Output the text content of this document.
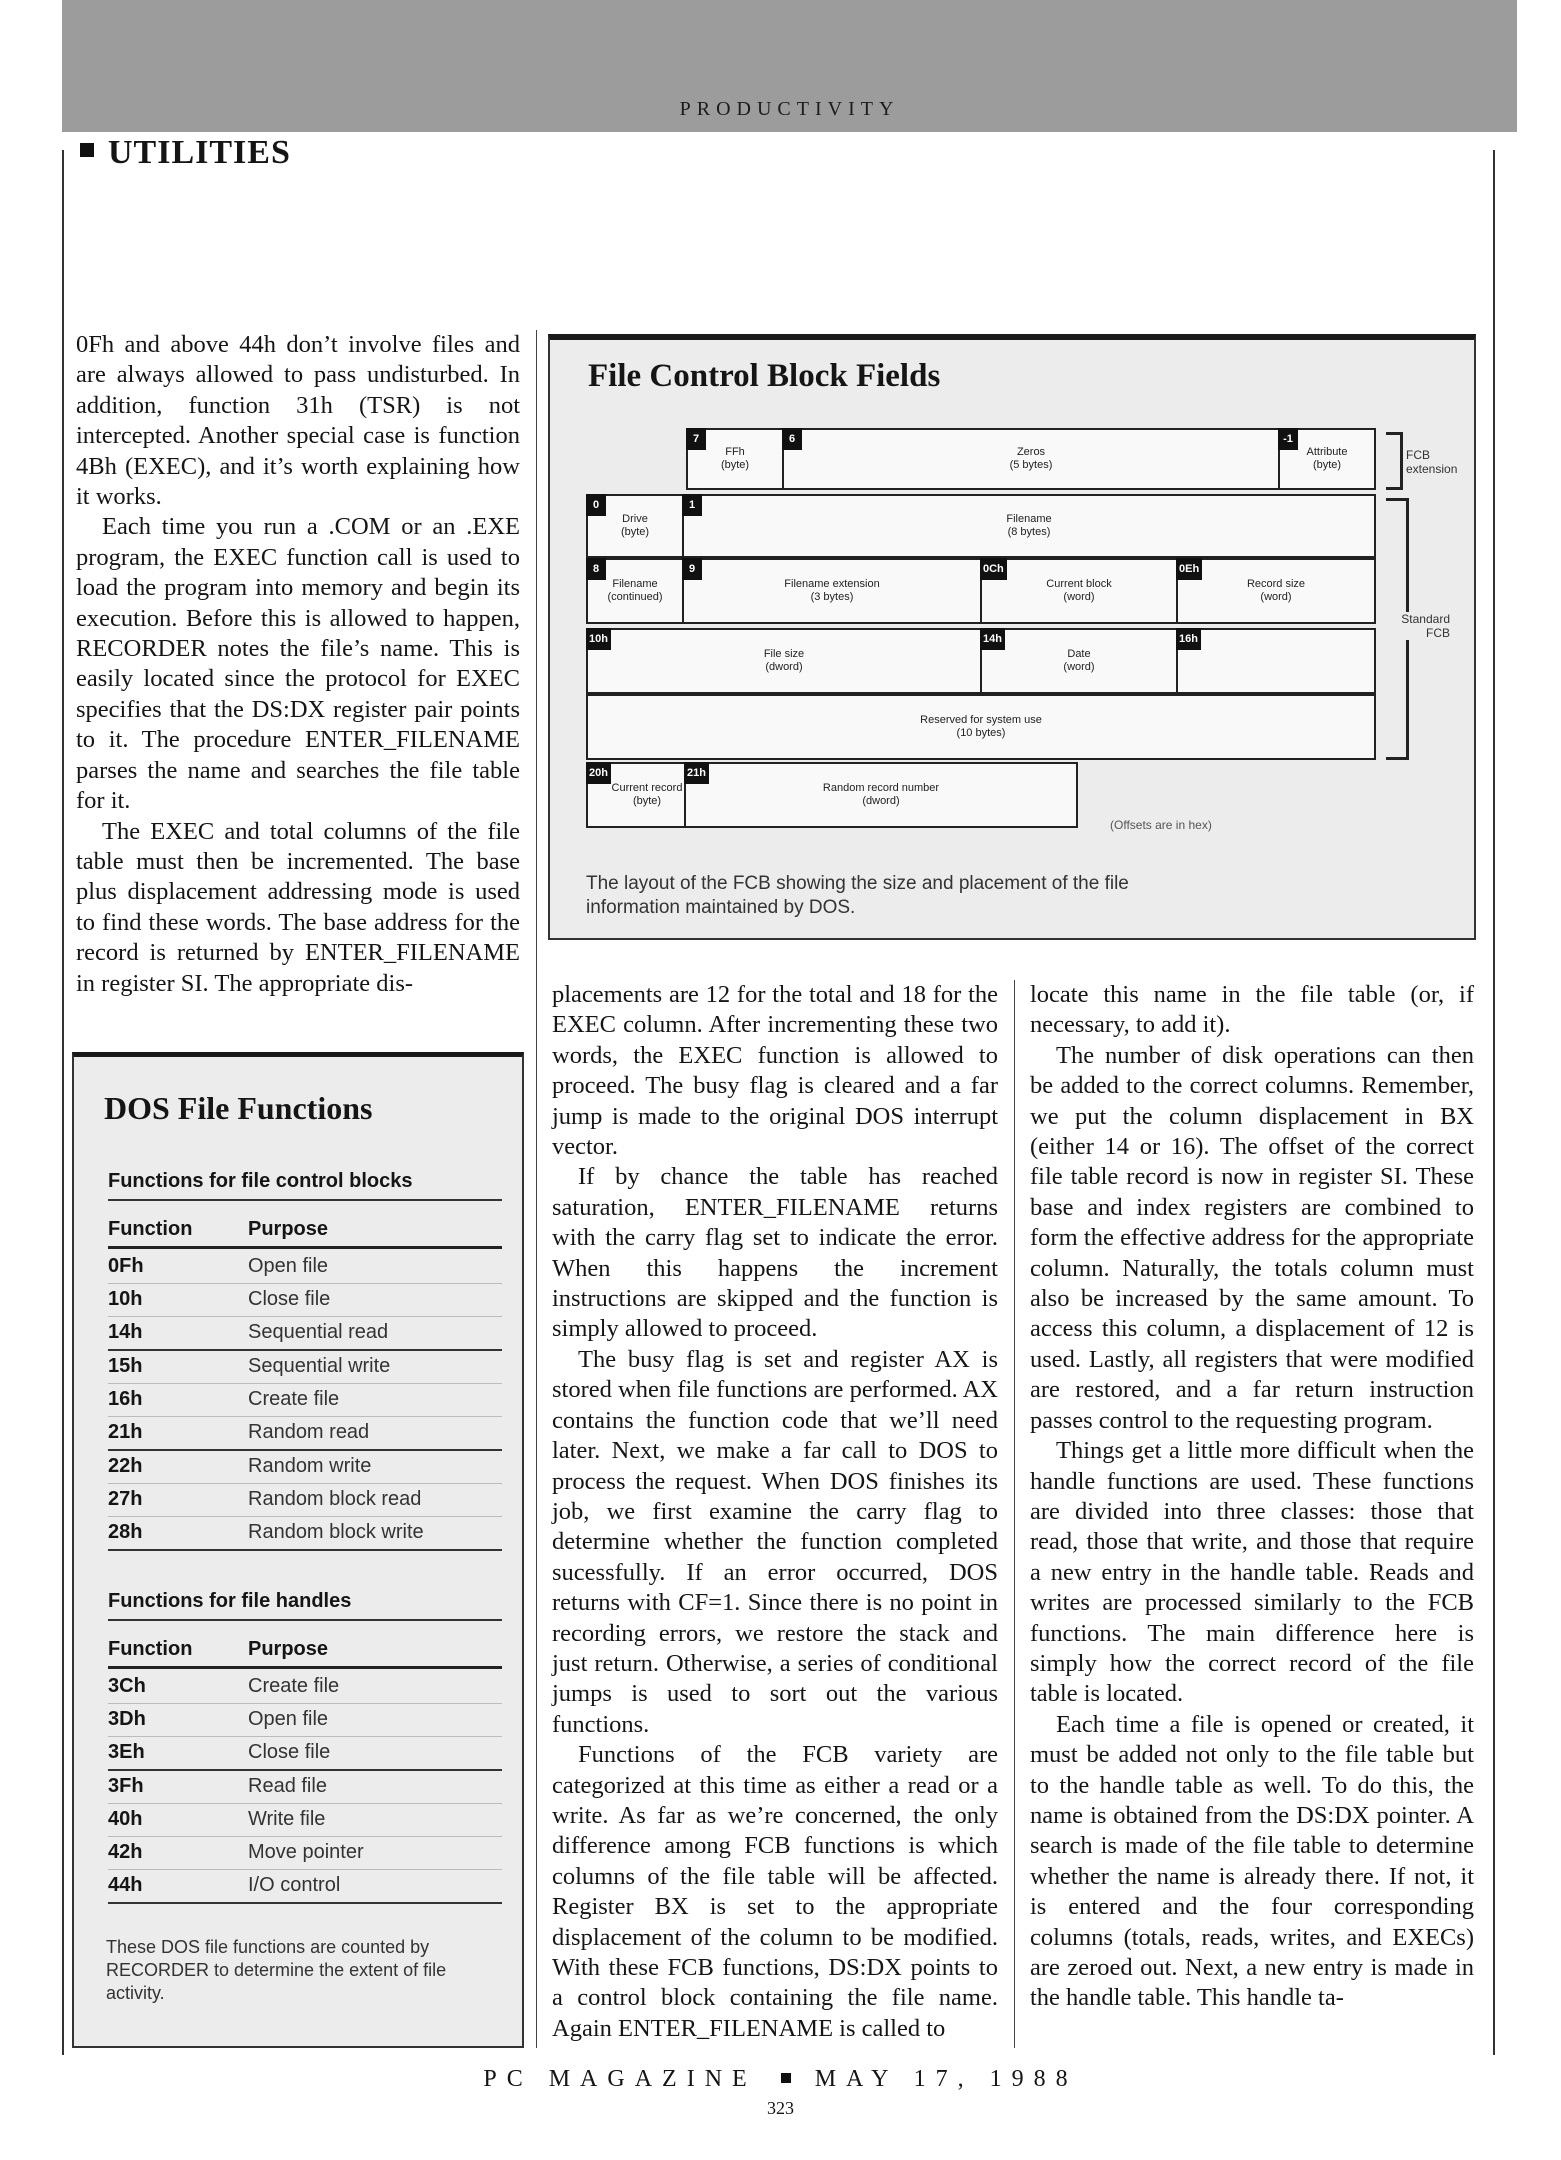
PRODUCTIVITY
UTILITIES

0Fh and above 44h don’t involve files and are always allowed to pass undisturbed. In addition, function 31h (TSR) is not intercepted. Another special case is function 4Bh (EXEC), and it’s worth explaining how it works.

Each time you run a .COM or an .EXE program, the EXEC function call is used to load the program into memory and begin its execution. Before this is allowed to happen, RECORDER notes the file’s name. This is easily located since the protocol for EXEC specifies that the DS:DX register pair points to it. The procedure ENTER_FILENAME parses the name and searches the file table for it.

The EXEC and total columns of the file table must then be incremented. The base plus displacement addressing mode is used to find these words. The base address for the record is returned by ENTER_FILENAME in register SI. The appropriate dis-

File Control Block Fields
7
FFh
(byte)
6
Zeros
(5 bytes)
-1
Attribute
(byte)
0
Drive
(byte)
1
Filename
(8 bytes)
8
Filename
(continued)
9
Filename extension
(3 bytes)
0Ch
Current block
(word)
0Eh
Record size
(word)
10h
File size
(dword)
14h
Date
(word)
16h
Reserved for system use
(10 bytes)
20h
Current record
(byte)
21h
Random record number
(dword)
FCB extension
Standard FCB
(Offsets are in hex)
The layout of the FCB showing the size and placement of the file information maintained by DOS.

placements are 12 for the total and 18 for the EXEC column. After incrementing these two words, the EXEC function is allowed to proceed. The busy flag is cleared and a far jump is made to the original DOS interrupt vector.

If by chance the table has reached saturation, ENTER_FILENAME returns with the carry flag set to indicate the error. When this happens the increment instructions are skipped and the function is simply allowed to proceed.

The busy flag is set and register AX is stored when file functions are performed. AX contains the function code that we’ll need later. Next, we make a far call to DOS to process the request. When DOS finishes its job, we first examine the carry flag to determine whether the function completed sucessfully. If an error occurred, DOS returns with CF=1. Since there is no point in recording errors, we restore the stack and just return. Otherwise, a series of conditional jumps is used to sort out the various functions.

Functions of the FCB variety are categorized at this time as either a read or a write. As far as we’re concerned, the only difference among FCB functions is which columns of the file table will be affected. Register BX is set to the appropriate displacement of the column to be modified. With these FCB functions, DS:DX points to a control block containing the file name. Again ENTER_FILENAME is called to

locate this name in the file table (or, if necessary, to add it).

The number of disk operations can then be added to the correct columns. Remember, we put the column displacement in BX (either 14 or 16). The offset of the correct file table record is now in register SI. These base and index registers are combined to form the effective address for the appropriate column. Naturally, the totals column must also be increased by the same amount. To access this column, a displacement of 12 is used. Lastly, all registers that were modified are restored, and a far return instruction passes control to the requesting program.

Things get a little more difficult when the handle functions are used. These functions are divided into three classes: those that read, those that write, and those that require a new entry in the handle table. Reads and writes are processed similarly to the FCB functions. The main difference here is simply how the correct record of the file table is located.

Each time a file is opened or created, it must be added not only to the file table but to the handle table as well. To do this, the name is obtained from the DS:DX pointer. A search is made of the file table to determine whether the name is already there. If not, it is entered and the four corresponding columns (totals, reads, writes, and EXECs) are zeroed out. Next, a new entry is made in the handle table. This handle ta-

DOS File Functions
Functions for file control blocks
Function	Purpose
0Fh	Open file
10h	Close file
14h	Sequential read
15h	Sequential write
16h	Create file
21h	Random read
22h	Random write
27h	Random block read
28h	Random block write
Functions for file handles
Function	Purpose
3Ch	Create file
3Dh	Open file
3Eh	Close file
3Fh	Read file
40h	Write file
42h	Move pointer
44h	I/O control
These DOS file functions are counted by RECORDER to determine the extent of file activity.
PC MAGAZINE MAY 17, 1988
323
